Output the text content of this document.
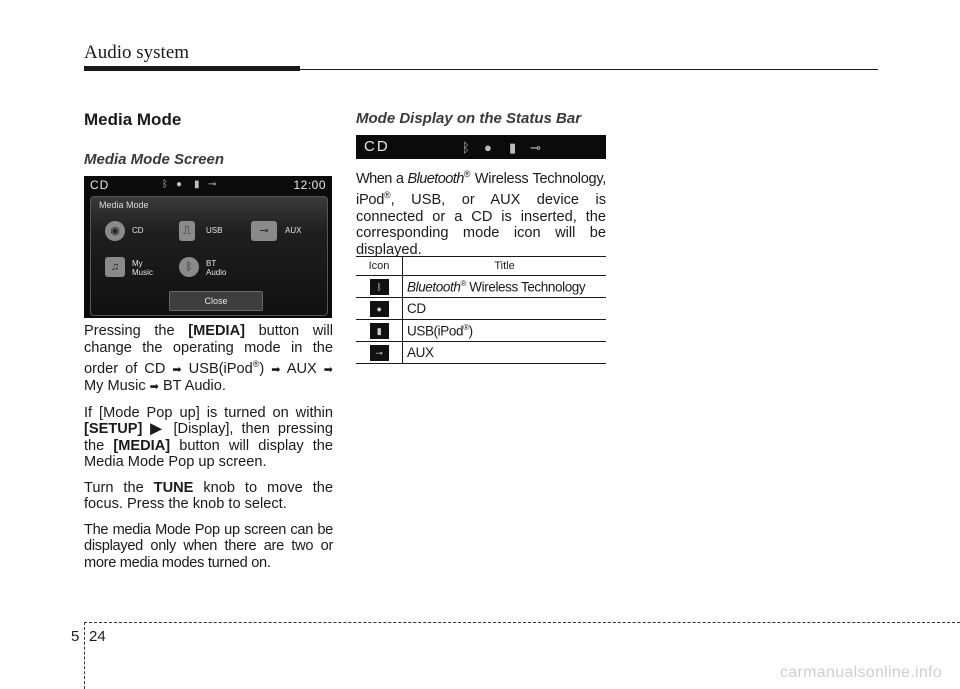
Audio system
Media Mode
Media Mode Screen
CD	ᛒ ● ▮ ⊸	12:00
Media Mode
◉	CD	⎍	USB	⊸	AUX
♫	My
Music	ᛒ	BT
Audio
Close

Pressing the [MEDIA] button will change the operating mode in the order of CD ➡ USB(iPod®) ➡ AUX ➡ My Music ➡ BT Audio.

If [Mode Pop up] is turned on within [SETUP] ▶ [Display], then pressing the [MEDIA] button will display the Media Mode Pop up screen.

Turn the TUNE knob to move the focus. Press the knob to select.

The media Mode Pop up screen can be displayed only when there are two or more media modes turned on.

Mode Display on the Status Bar
CD	ᛒ ● ▮ ⊸

When a Bluetooth® Wireless Technology, iPod®, USB, or AUX device is connected or a CD is inserted, the corresponding mode icon will be displayed.

Icon	Title
ᛒ	Bluetooth® Wireless Technology
●	CD
▮	USB(iPod®)
⊸	AUX
5 24
carmanualsonline.info
